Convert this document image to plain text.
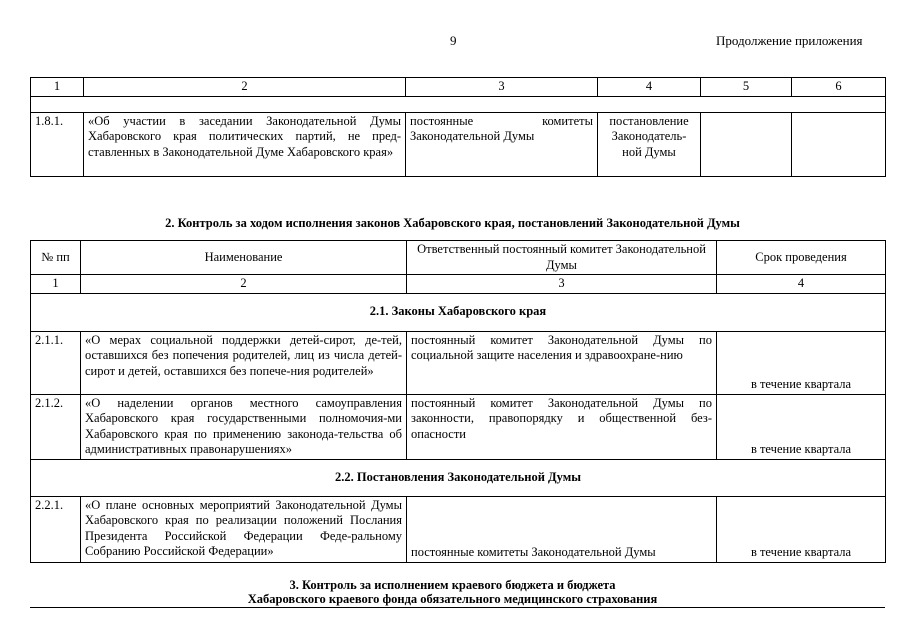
9	Продолжение приложения
1	2	3	4	5	6

1.8.1.	«Об участии в заседании Законодательной Думы Хабаровского края политических партий, не пред-ставленных в Законодательной Думе Хабаровского края»	постоянные комитеты Законодательной Думы	постановление Законодатель-ной Думы		
2. Контроль за ходом исполнения законов Хабаровского края, постановлений Законодательной Думы
№ пп	Наименование	Ответственный постоянный комитет Законодательной Думы	Срок проведения
1	2	3	4
2.1. Законы Хабаровского края			
2.1.1.	«О мерах социальной поддержки детей-сирот, де-тей, оставшихся без попечения родителей, лиц из числа детей-сирот и детей, оставшихся без попече-ния родителей»	постоянный комитет Законодательной Думы по социальной защите населения и здравоохране-нию	в течение квартала
2.1.2.	«О наделении органов местного самоуправления Хабаровского края государственными полномочия-ми Хабаровского края по применению законода-тельства об административных правонарушениях»	постоянный комитет Законодательной Думы по законности, правопорядку и общественной без-опасности	в течение квартала
2.2. Постановления Законодательной Думы			
2.2.1.	«О плане основных мероприятий Законодательной Думы Хабаровского края по реализации положений Послания Президента Российской Федерации Феде-ральному Собранию Российской Федерации»	постоянные комитеты Законодательной Думы	в течение квартала
3. Контроль за исполнением краевого бюджета и бюджета
Хабаровского краевого фонда обязательного медицинского страхования
